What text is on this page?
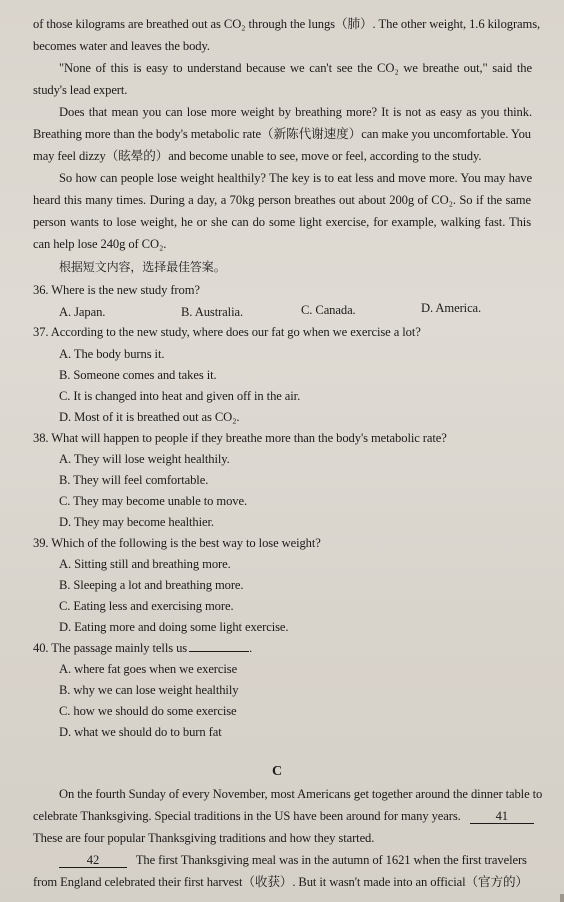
of those kilograms are breathed out as CO₂ through the lungs（肺）. The other weight, 1.6 kilograms,
becomes water and leaves the body.
"None of this is easy to understand because we can't see the CO₂ we breathe out," said the
study's lead expert.
Does that mean you can lose more weight by breathing more? It is not as easy as you think.
Breathing more than the body's metabolic rate（新陈代谢速度）can make you uncomfortable. You
may feel dizzy（眩晕的）and become unable to see, move or feel, according to the study.
So how can people lose weight healthily? The key is to eat less and move more. You may have
heard this many times. During a day, a 70kg person breathes out about 200g of CO₂. So if the same
person wants to lose weight, he or she can do some light exercise, for example, walking fast. This
can help lose 240g of CO₂.
根据短文内容，选择最佳答案。
36. Where is the new study from?
A. Japan.	B. Australia.	C. Canada.	D. America.
37. According to the new study, where does our fat go when we exercise a lot?
A. The body burns it.
B. Someone comes and takes it.
C. It is changed into heat and given off in the air.
D. Most of it is breathed out as CO₂.
38. What will happen to people if they breathe more than the body's metabolic rate?
A. They will lose weight healthily.
B. They will feel comfortable.
C. They may become unable to move.
D. They may become healthier.
39. Which of the following is the best way to lose weight?
A. Sitting still and breathing more.
B. Sleeping a lot and breathing more.
C. Eating less and exercising more.
D. Eating more and doing some light exercise.
40. The passage mainly tells us	.
A. where fat goes when we exercise
B. why we can lose weight healthily
C. how we should do some exercise
D. what we should do to burn fat
C
On the fourth Sunday of every November, most Americans get together around the dinner table to
celebrate Thanksgiving. Special traditions in the US have been around for many years.	41
These are four popular Thanksgiving traditions and how they started.
42	The first Thanksgiving meal was in the autumn of 1621 when the first travelers
from England celebrated their first harvest（收获）. But it wasn't made into an official（官方的）
